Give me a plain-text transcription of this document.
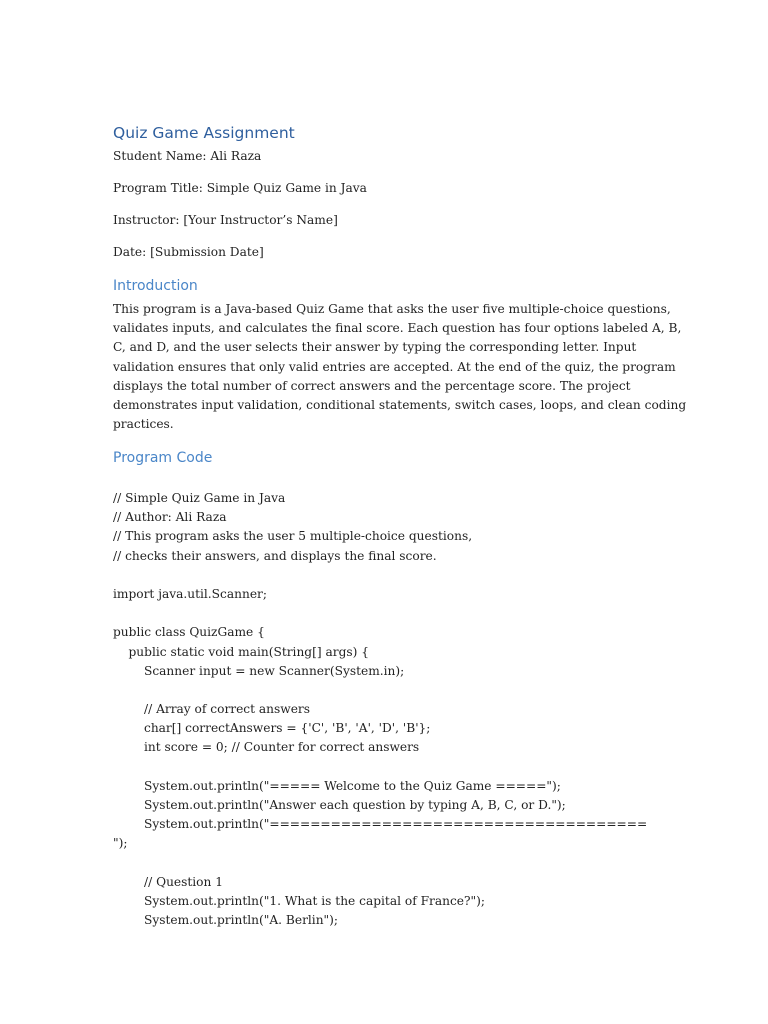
Quiz Game Assignment
Student Name: Ali Raza
Program Title: Simple Quiz Game in Java
Instructor: [Your Instructor’s Name]
Date: [Submission Date]
Introduction
This program is a Java-based Quiz Game that asks the user five multiple-choice questions,
validates inputs, and calculates the final score. Each question has four options labeled A, B,
C, and D, and the user selects their answer by typing the corresponding letter. Input
validation ensures that only valid entries are accepted. At the end of the quiz, the program
displays the total number of correct answers and the percentage score. The project
demonstrates input validation, conditional statements, switch cases, loops, and clean coding
practices.
Program Code
// Simple Quiz Game in Java
// Author: Ali Raza
// This program asks the user 5 multiple-choice questions,
// checks their answers, and displays the final score.
import java.util.Scanner;
public class QuizGame {
public static void main(String[] args) {
Scanner input = new Scanner(System.in);
// Array of correct answers
char[] correctAnswers = {'C', 'B', 'A', 'D', 'B'};
int score = 0; // Counter for correct answers
System.out.println("===== Welcome to the Quiz Game =====");
System.out.println("Answer each question by typing A, B, C, or D.");
System.out.println("=====================================
");
// Question 1
System.out.println("1. What is the capital of France?");
System.out.println("A. Berlin");
